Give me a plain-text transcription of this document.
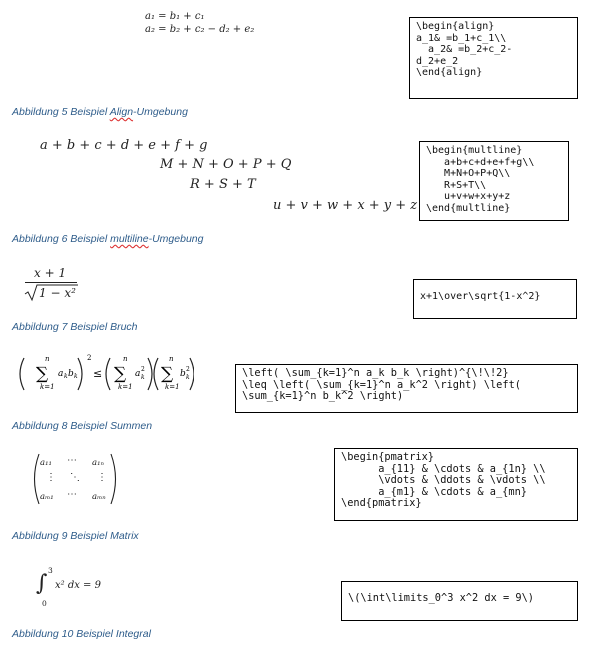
a₁ = b₁ + c₁
a₂ = b₂ + c₂ − d₂ + e₂	\begin{align}
a_1& =b_1+c_1\\
a_2& =b_2+c_2-
d_2+e_2
\end{align}
Abbildung 5 Beispiel Align-Umgebung
a + b + c + d + e + f + g
M + N + O + P + Q
R + S + T
u + v + w + x + y + z
\begin{multline}
a+b+c+d+e+f+g\\
M+N+O+P+Q\\
R+S+T\\
u+v+w+x+y+z
\end{multline}
Abbildung 6 Beispiel multiline-Umgebung
x + 1
1 − x²	x+1\over\sqrt{1-x^2}
Abbildung 7 Beispiel Bruch
n
∑
k=1
a k b k
2
≤
n
∑
k=1
a 2
k
n
∑
k=1
b 2
k	\left( \sum_{k=1}^n a_k b_k \right)^{\!\!2}
\leq \left( \sum_{k=1}^n a_k^2 \right) \left(
\sum_{k=1}^n b_k^2 \right)
Abbildung 8 Beispiel Summen
a₁₁ ⋯ a₁ₙ
⋮ ⋱ ⋮
aₘ₁ ⋯ aₘₙ
\begin{pmatrix}
a_{11} & \cdots & a_{1n} \\
\vdots & \ddots & \vdots \\
a_{m1} & \cdots & a_{mn}
\end{pmatrix}
Abbildung 9 Beispiel Matrix
3
∫
0
x² dx = 9
\(\int\limits_0^3 x^2 dx = 9\)
Abbildung 10 Beispiel Integral
